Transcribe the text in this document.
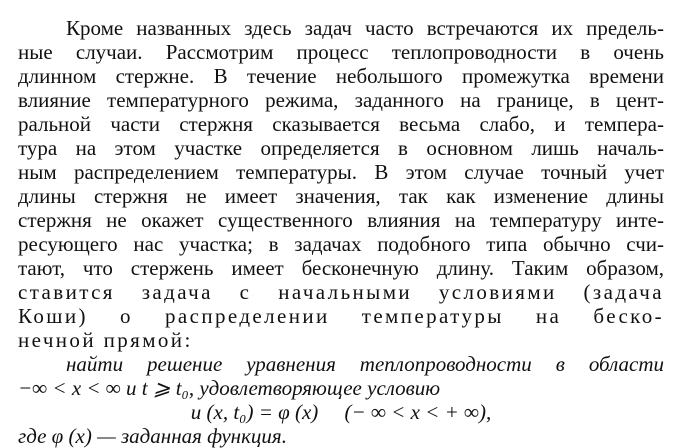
Кроме названных здесь задач часто встречаются их предель-
ные случаи. Рассмотрим процесс теплопроводности в очень
длинном стержне. В течение небольшого промежутка времени
влияние температурного режима, заданного на границе, в цент-
ральной части стержня сказывается весьма слабо, и темпера-
тура на этом участке определяется в основном лишь началь-
ным распределением температуры. В этом случае точный учет
длины стержня не имеет значения, так как изменение длины
стержня не окажет существенного влияния на температуру инте-
ресующего нас участка; в задачах подобного типа обычно счи-
тают, что стержень имеет бесконечную длину. Таким образом,
ставится задача с начальными условиями (задача
Коши) о распределении температуры на беско-
нечной прямой:
найти решение уравнения теплопроводности в области
−∞ < x < ∞ и t ⩾ t₀, удовлетворяющее условию
u (x, t₀) = φ (x)     (− ∞ < x < + ∞),
где φ (x) — заданная функция.
